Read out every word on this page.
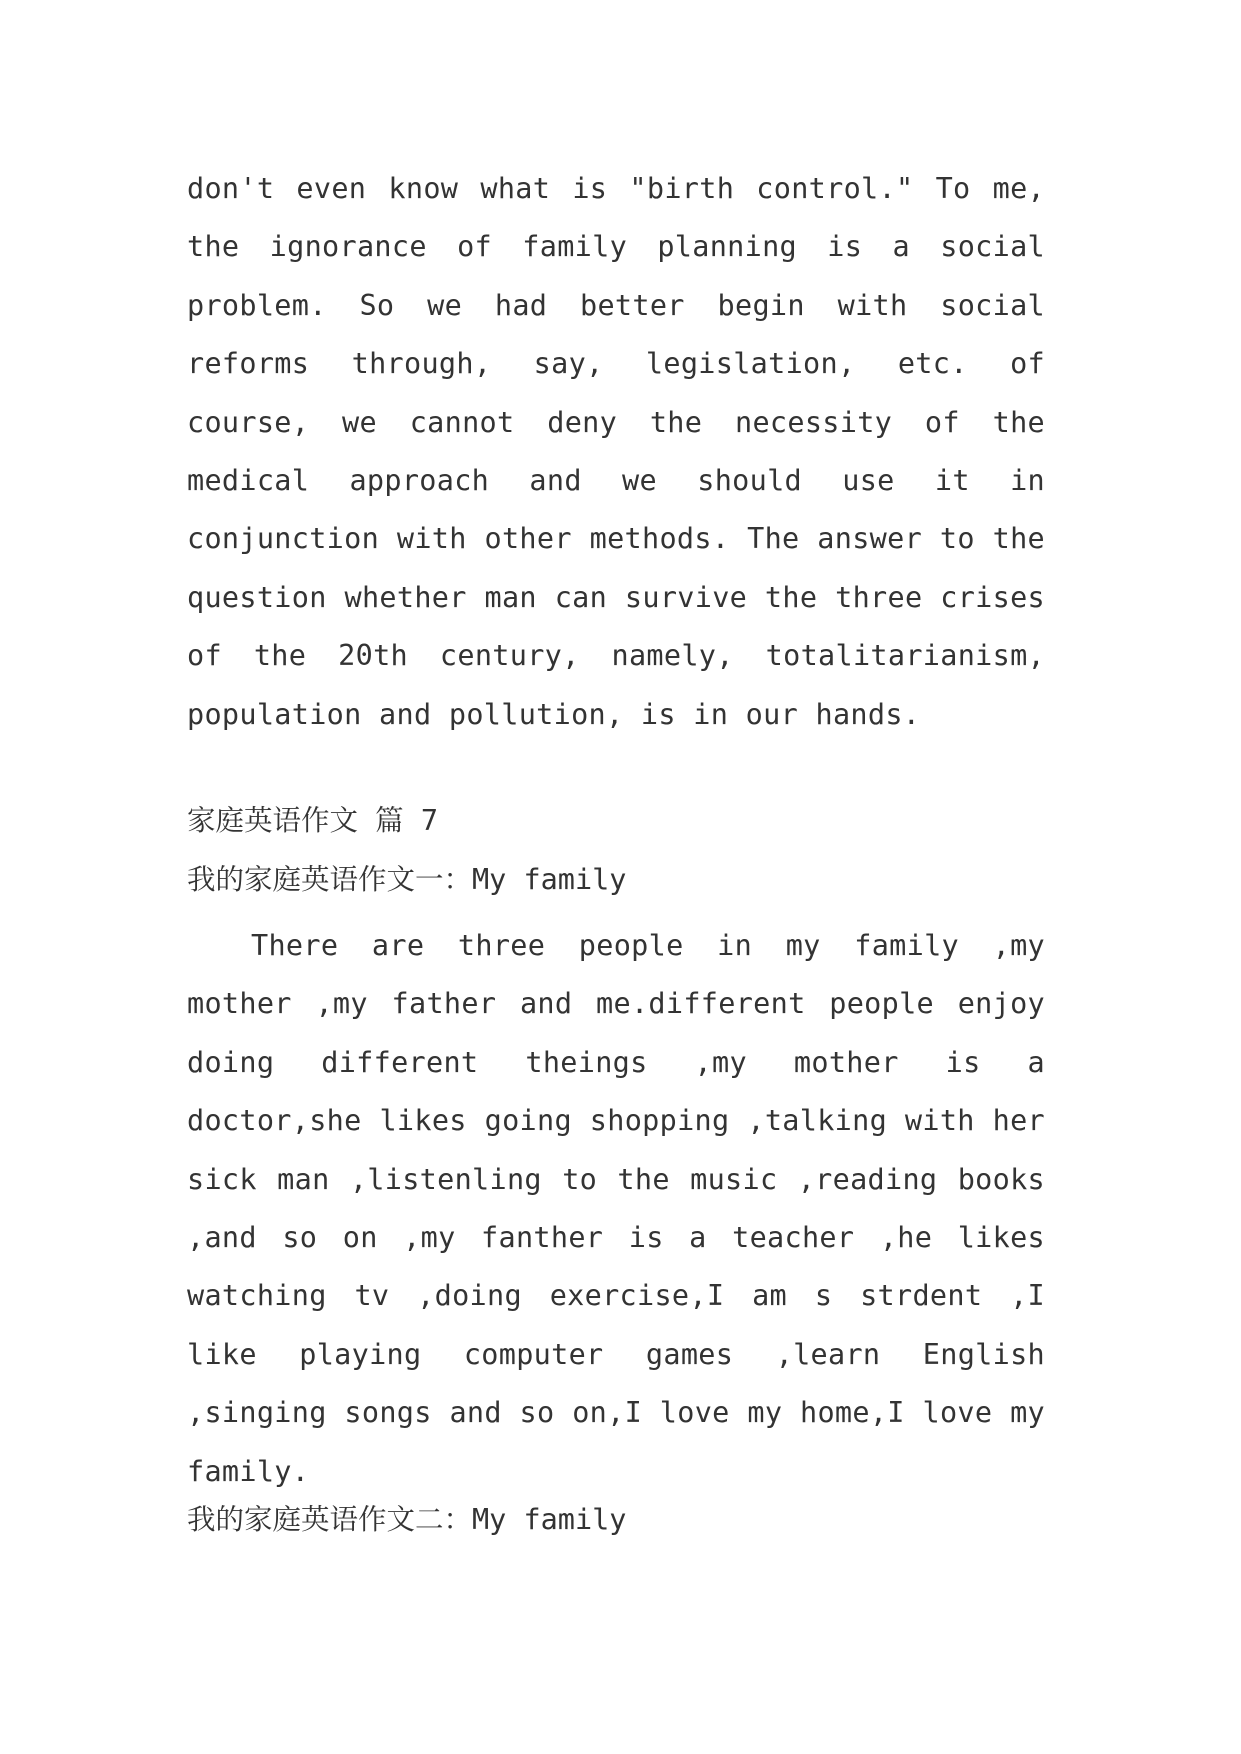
don't even know what is "birth control." To me, the ignorance of family planning is a social problem. So we had better begin with social reforms through, say, legislation, etc. of course, we cannot deny the necessity of the medical approach and we should use it in conjunction with other methods. The answer to the question whether man can survive the three crises of the 20th century, namely, totalitarianism, population and pollution, is in our hands.

家庭英语作文 篇 7
我的家庭英语作文一：My family

There are three people in my family ,my mother ,my father and me.different people enjoy doing different theings ,my mother is a doctor,she likes going shopping ,talking with her sick man ,listenling to the music ,reading books ,and so on ,my fanther is a teacher ,he likes watching tv ,doing exercise,I am s strdent ,I like playing computer games ,learn English ,singing songs and so on,I love my home,I love my family.

我的家庭英语作文二：My family
